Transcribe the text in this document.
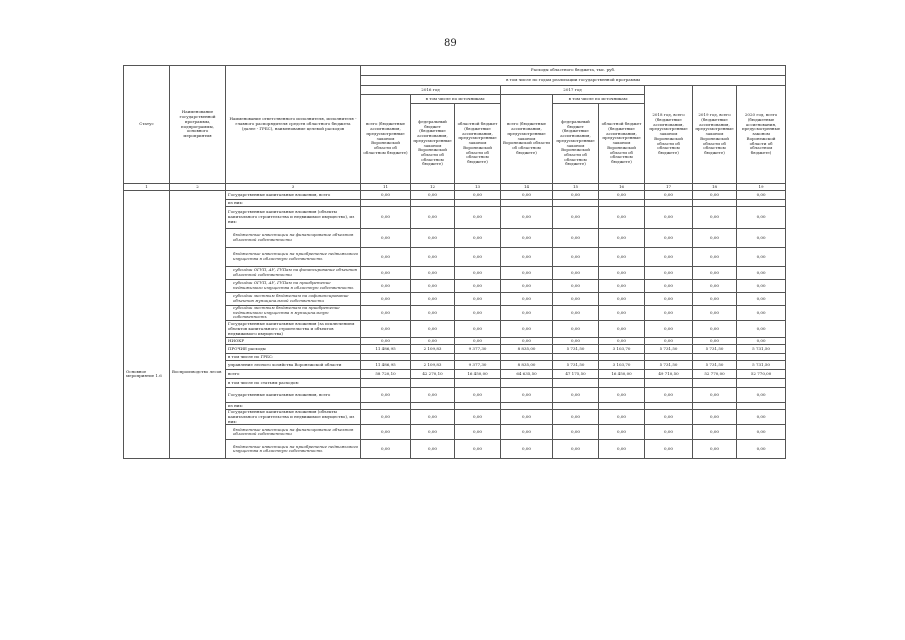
89
Статус	Наименование государственной программы, подпрограммы, основного мероприятия	Наименование ответственного исполнителя, исполнителя - главного распорядителя средств областного бюджета (далее - ГРБС), наименование целевой расходов	Расходы областного бюджета, тыс. руб.								
			в том числе по годам реализации государственной программы								
			2016 год			2017 год			2018 год, всего (бюджетные ассигнования, предусмотренные законом Воронежской области об областном бюджете)	2019 год, всего (бюджетные ассигнования, предусмотренные законом Воронежской области об областном бюджете)	2020 год, всего (бюджетные ассигнования, предусмотренные законом Воронежской области об областном бюджете)
			всего (бюджетные ассигнования, предусмотренные законом Воронежской области об областном бюджете)	в том числе по источникам:		всего (бюджетные ассигнования, предусмотренные законом Воронежской области об областном бюджете)	в том числе по источникам:				
				федеральный бюджет (бюджетные ассигнования, предусмотренные законом Воронежской области об областном бюджете)	областной бюджет (бюджетные ассигнования, предусмотренные законом Воронежской области об областном бюджете)		федеральный бюджет (бюджетные ассигнования, предусмотренные законом Воронежской области об областном бюджете)	областной бюджет (бюджетные ассигнования, предусмотренные законом Воронежской области об областном бюджете)			
1	2	3	11	12	13	14	15	16	17	18	19
		Государственные капитальные вложения, всего	0,00	0,00	0,00	0,00	0,00	0,00	0,00	0,00	0,00
		из них:									
		Государственные капитальные вложения (объекты капитального строительства и недвижимое имущество), из них:	0,00	0,00	0,00	0,00	0,00	0,00	0,00	0,00	0,00
		бюджетные инвестиции на финансирование объектов областной собственности	0,00	0,00	0,00	0,00	0,00	0,00	0,00	0,00	0,00
		бюджетные инвестиции на приобретение недвижимого имущества в областную собственность	0,00	0,00	0,00	0,00	0,00	0,00	0,00	0,00	0,00
		субсидии ОГУП, АУ, ГУПам на финансирование объектов областной собственности	0,00	0,00	0,00	0,00	0,00	0,00	0,00	0,00	0,00
		субсидии ОГУП, АУ, ГУПам на приобретение недвижимого имущества в областную собственность	0,00	0,00	0,00	0,00	0,00	0,00	0,00	0,00	0,00
		субсидии местным бюджетам на софинансирование объектов муниципальной собственности	0,00	0,00	0,00	0,00	0,00	0,00	0,00	0,00	0,00
		субсидии местным бюджетам на приобретение недвижимого имущества в муниципальную собственность	0,00	0,00	0,00	0,00	0,00	0,00	0,00	0,00	0,00
		Государственные капитальные вложения (за исключением объектов капитального строительства и объектов недвижимого имущества)	0,00	0,00	0,00	0,00	0,00	0,00	0,00	0,00	0,00
		НИОКР	0,00	0,00	0,00	0,00	0,00	0,00	0,00	0,00	0,00
		ПРОЧИЕ расходы	11 486,95	2 109,83	9 377,30	8 835,00	5 731,50	3 103,70	5 731,50	5 731,50	5 731,50
		в том числе по ГРБС:									
		управление лесного хозяйства Воронежской области	11 486,95	2 109,83	9 377,30	8 835,00	5 731,50	3 103,70	5 731,50	5 731,50	5 731,50
Основное мероприятие 1.6	Воспроизводство лесов	всего	58 720,10	42 270,10	16 450,00	64 635,50	47 175,50	16 450,00	49 710,50	52 770,00	52 770,00
		в том числе по статьям расходов:									
		Государственные капитальные вложения, всего	0,00	0,00	0,00	0,00	0,00	0,00	0,00	0,00	0,00
		из них:									
		Государственные капитальные вложения (объекты капитального строительства и недвижимое имущество), из них:	0,00	0,00	0,00	0,00	0,00	0,00	0,00	0,00	0,00
		бюджетные инвестиции на финансирование объектов областной собственности	0,00	0,00	0,00	0,00	0,00	0,00	0,00	0,00	0,00
		бюджетные инвестиции на приобретение недвижимого имущества в областную собственность	0,00	0,00	0,00	0,00	0,00	0,00	0,00	0,00	0,00
